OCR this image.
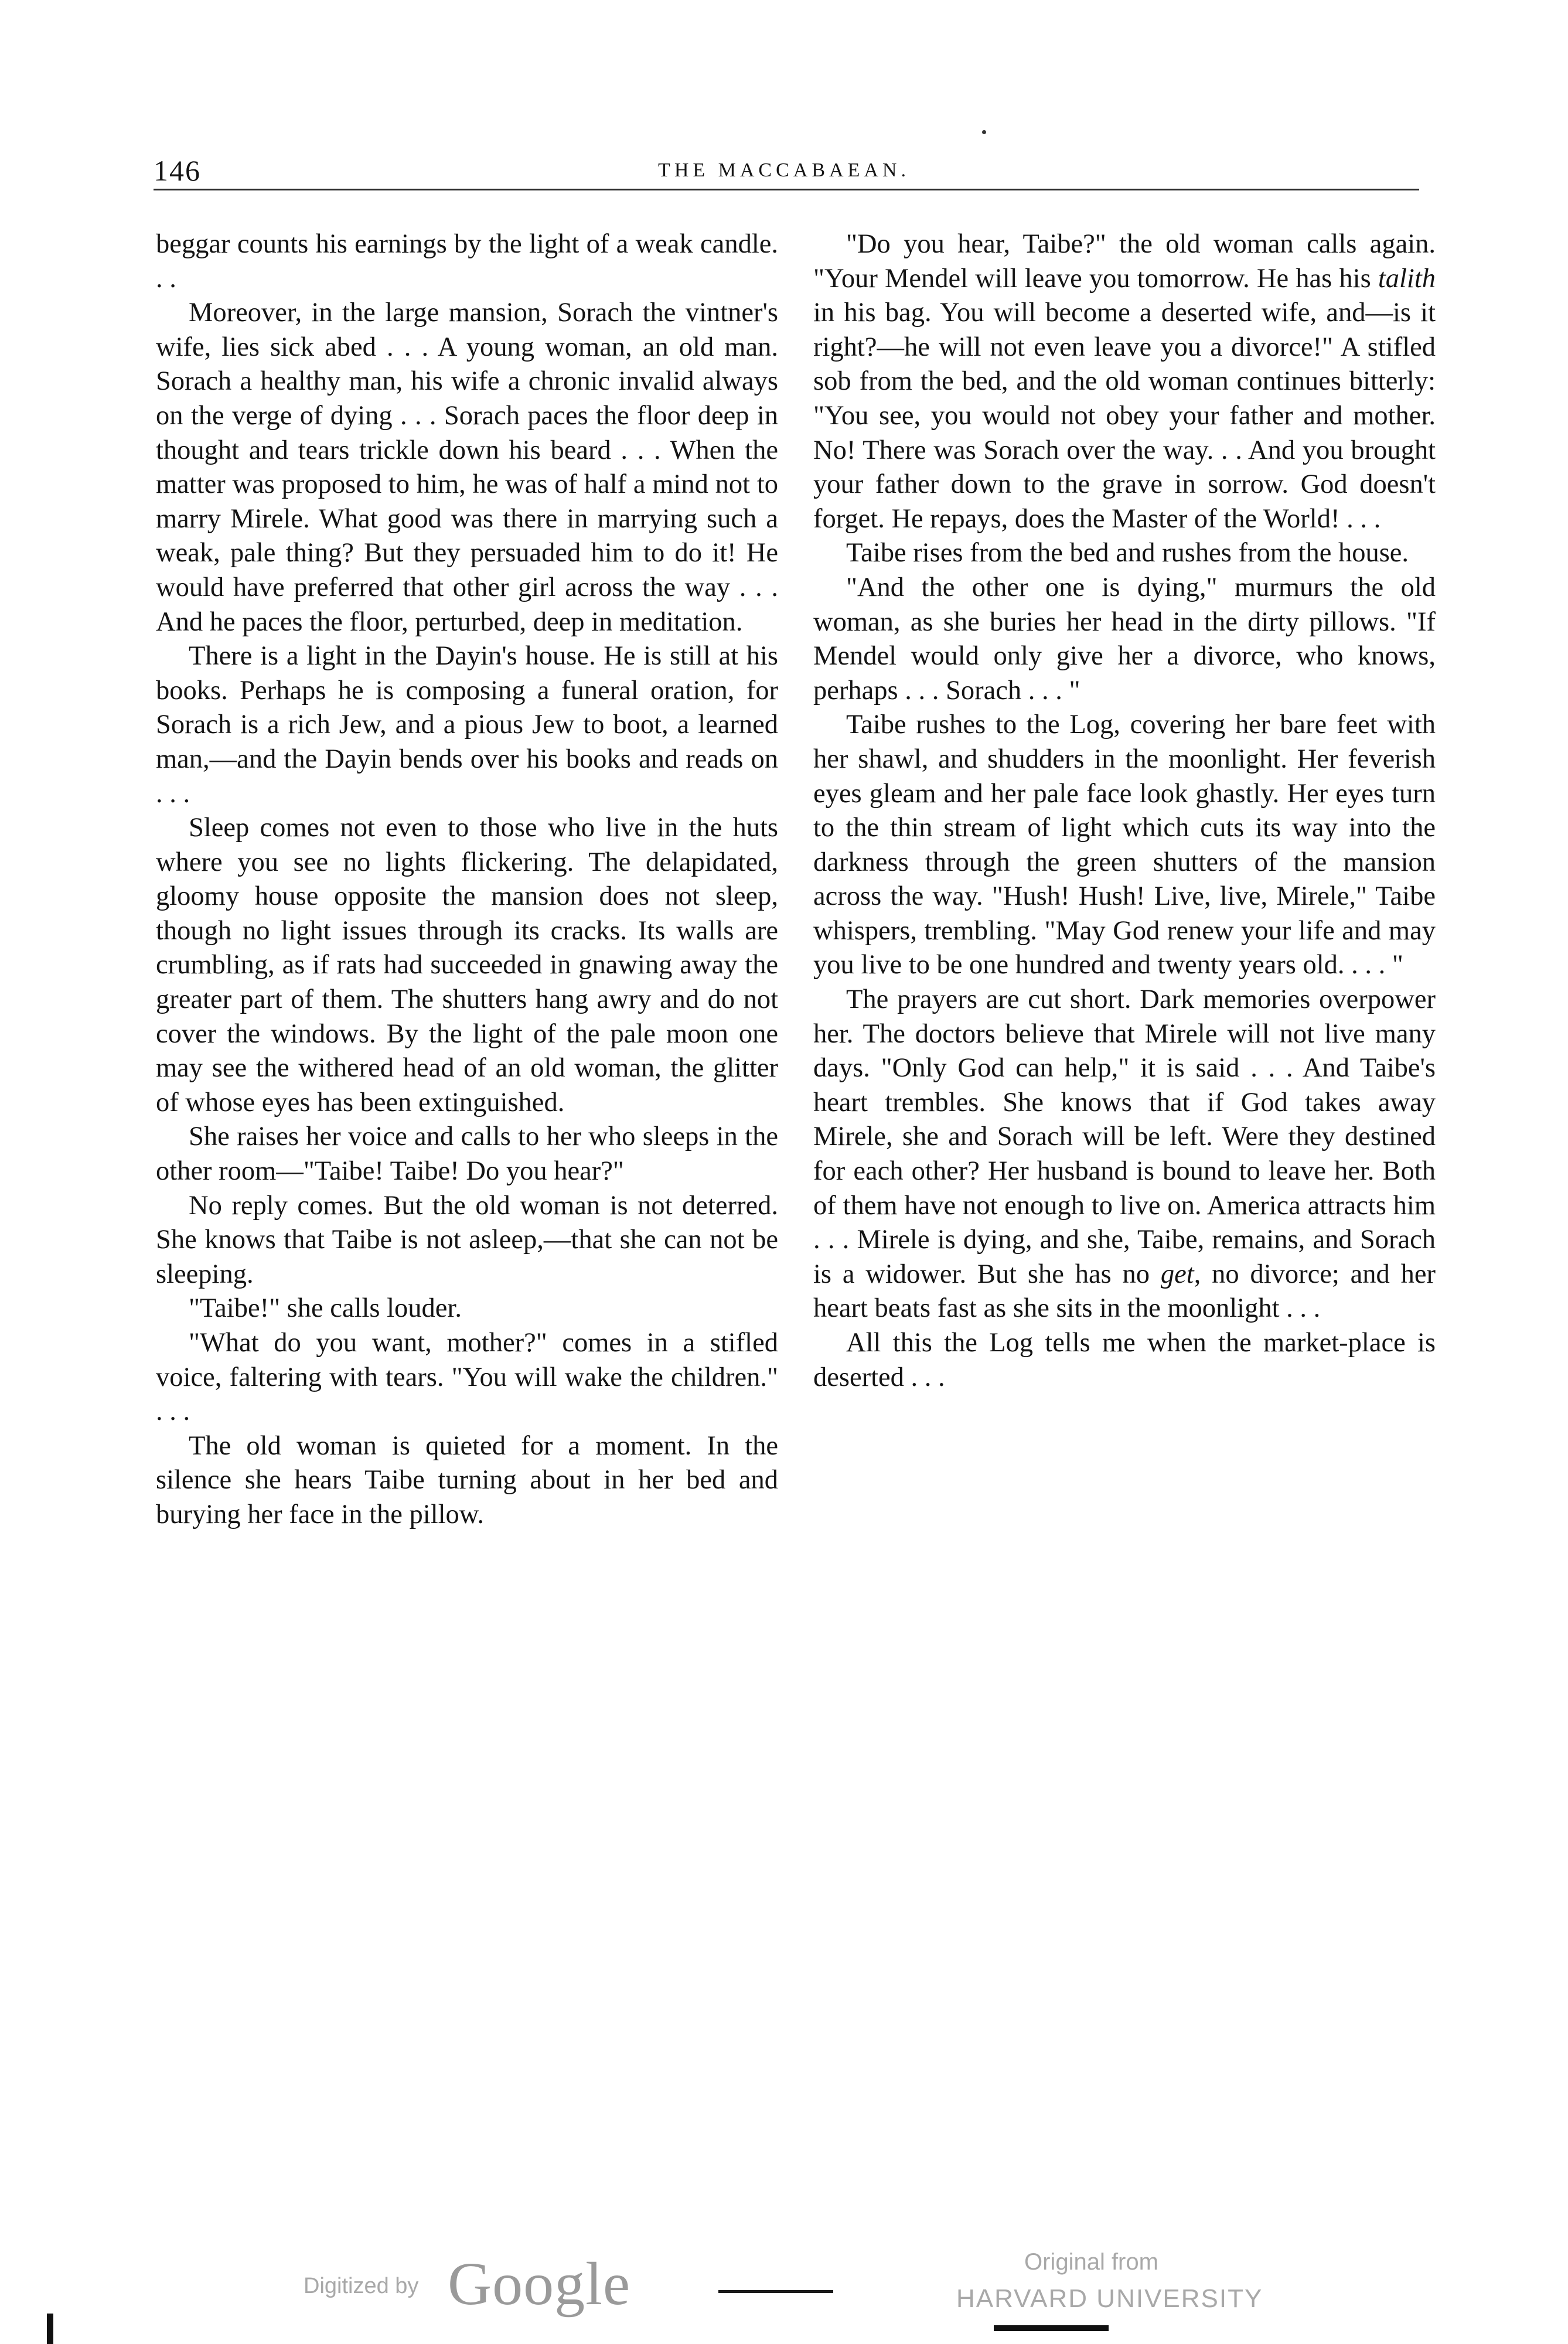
146	THE MACCABAEAN.

beggar counts his earnings by the light of a weak candle. . .

Moreover, in the large mansion, Sorach the vintner's wife, lies sick abed . . . A young woman, an old man. Sorach a healthy man, his wife a chronic invalid always on the verge of dying . . . Sorach paces the floor deep in thought and tears trickle down his beard . . . When the matter was proposed to him, he was of half a mind not to marry Mirele. What good was there in marrying such a weak, pale thing? But they persuaded him to do it! He would have preferred that other girl across the way . . . And he paces the floor, perturbed, deep in meditation.

There is a light in the Dayin's house. He is still at his books. Perhaps he is composing a funeral oration, for Sorach is a rich Jew, and a pious Jew to boot, a learned man,—and the Dayin bends over his books and reads on . . .

Sleep comes not even to those who live in the huts where you see no lights flickering. The delapidated, gloomy house opposite the mansion does not sleep, though no light issues through its cracks. Its walls are crumbling, as if rats had succeeded in gnawing away the greater part of them. The shutters hang awry and do not cover the windows. By the light of the pale moon one may see the withered head of an old woman, the glitter of whose eyes has been extinguished.

She raises her voice and calls to her who sleeps in the other room—"Taibe! Taibe! Do you hear?"

No reply comes. But the old woman is not deterred. She knows that Taibe is not asleep,—that she can not be sleeping.

"Taibe!" she calls louder.

"What do you want, mother?" comes in a stifled voice, faltering with tears. "You will wake the children." . . .

The old woman is quieted for a moment. In the silence she hears Taibe turning about in her bed and burying her face in the pillow.

"Do you hear, Taibe?" the old woman calls again. "Your Mendel will leave you tomorrow. He has his talith in his bag. You will become a deserted wife, and—is it right?—he will not even leave you a divorce!" A stifled sob from the bed, and the old woman continues bitterly: "You see, you would not obey your father and mother. No! There was Sorach over the way. . . And you brought your father down to the grave in sorrow. God doesn't forget. He repays, does the Master of the World! . . .

Taibe rises from the bed and rushes from the house.

"And the other one is dying," murmurs the old woman, as she buries her head in the dirty pillows. "If Mendel would only give her a divorce, who knows, perhaps . . . Sorach . . . "

Taibe rushes to the Log, covering her bare feet with her shawl, and shudders in the moonlight. Her feverish eyes gleam and her pale face look ghastly. Her eyes turn to the thin stream of light which cuts its way into the darkness through the green shutters of the mansion across the way. "Hush! Hush! Live, live, Mirele," Taibe whispers, trembling. "May God renew your life and may you live to be one hundred and twenty years old. . . . "

The prayers are cut short. Dark memories overpower her. The doctors believe that Mirele will not live many days. "Only God can help," it is said . . . And Taibe's heart trembles. She knows that if God takes away Mirele, she and Sorach will be left. Were they destined for each other? Her husband is bound to leave her. Both of them have not enough to live on. America attracts him . . . Mirele is dying, and she, Taibe, remains, and Sorach is a widower. But she has no get, no divorce; and her heart beats fast as she sits in the moonlight . . .

All this the Log tells me when the market-place is deserted . . .

Digitized by Google	Original from
HARVARD UNIVERSITY
